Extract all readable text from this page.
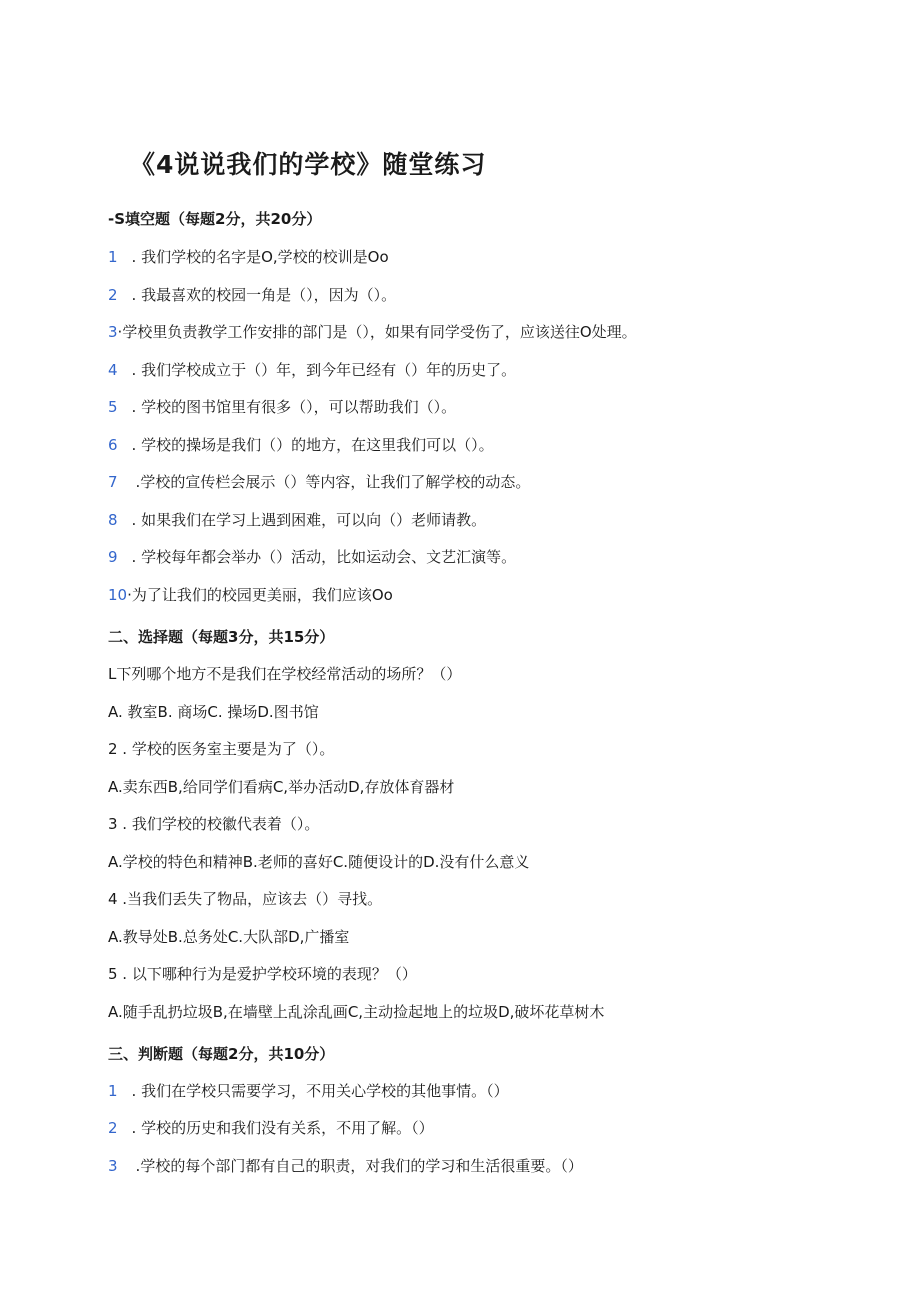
《4说说我们的学校》随堂练习
-S填空题（每题2分，共20分）
1 . 我们学校的名字是O,学校的校训是Oo
2 . 我最喜欢的校园一角是（），因为（）。
3·学校里负责教学工作安排的部门是（），如果有同学受伤了，应该送往O处理。
4 . 我们学校成立于（）年，到今年已经有（）年的历史了。
5 . 学校的图书馆里有很多（），可以帮助我们（）。
6 . 学校的操场是我们（）的地方，在这里我们可以（）。
7 .学校的宣传栏会展示（）等内容，让我们了解学校的动态。
8 . 如果我们在学习上遇到困难，可以向（）老师请教。
9 . 学校每年都会举办（）活动，比如运动会、文艺汇演等。
10·为了让我们的校园更美丽，我们应该Oo
二、选择题（每题3分，共15分）
L下列哪个地方不是我们在学校经常活动的场所？（）
A. 教室B. 商场C. 操场D.图书馆
2 . 学校的医务室主要是为了（）。
A.卖东西B,给同学们看病C,举办活动D,存放体育器材
3 . 我们学校的校徽代表着（）。
A.学校的特色和精神B.老师的喜好C.随便设计的D.没有什么意义
4 .当我们丢失了物品，应该去（）寻找。
A.教导处B.总务处C.大队部D,广播室
5 . 以下哪种行为是爱护学校环境的表现？（）
A.随手乱扔垃圾B,在墙壁上乱涂乱画C,主动捡起地上的垃圾D,破坏花草树木
三、判断题（每题2分，共10分）
1 . 我们在学校只需要学习，不用关心学校的其他事情。（）
2 . 学校的历史和我们没有关系，不用了解。（）
3 .学校的每个部门都有自己的职责，对我们的学习和生活很重要。（）
